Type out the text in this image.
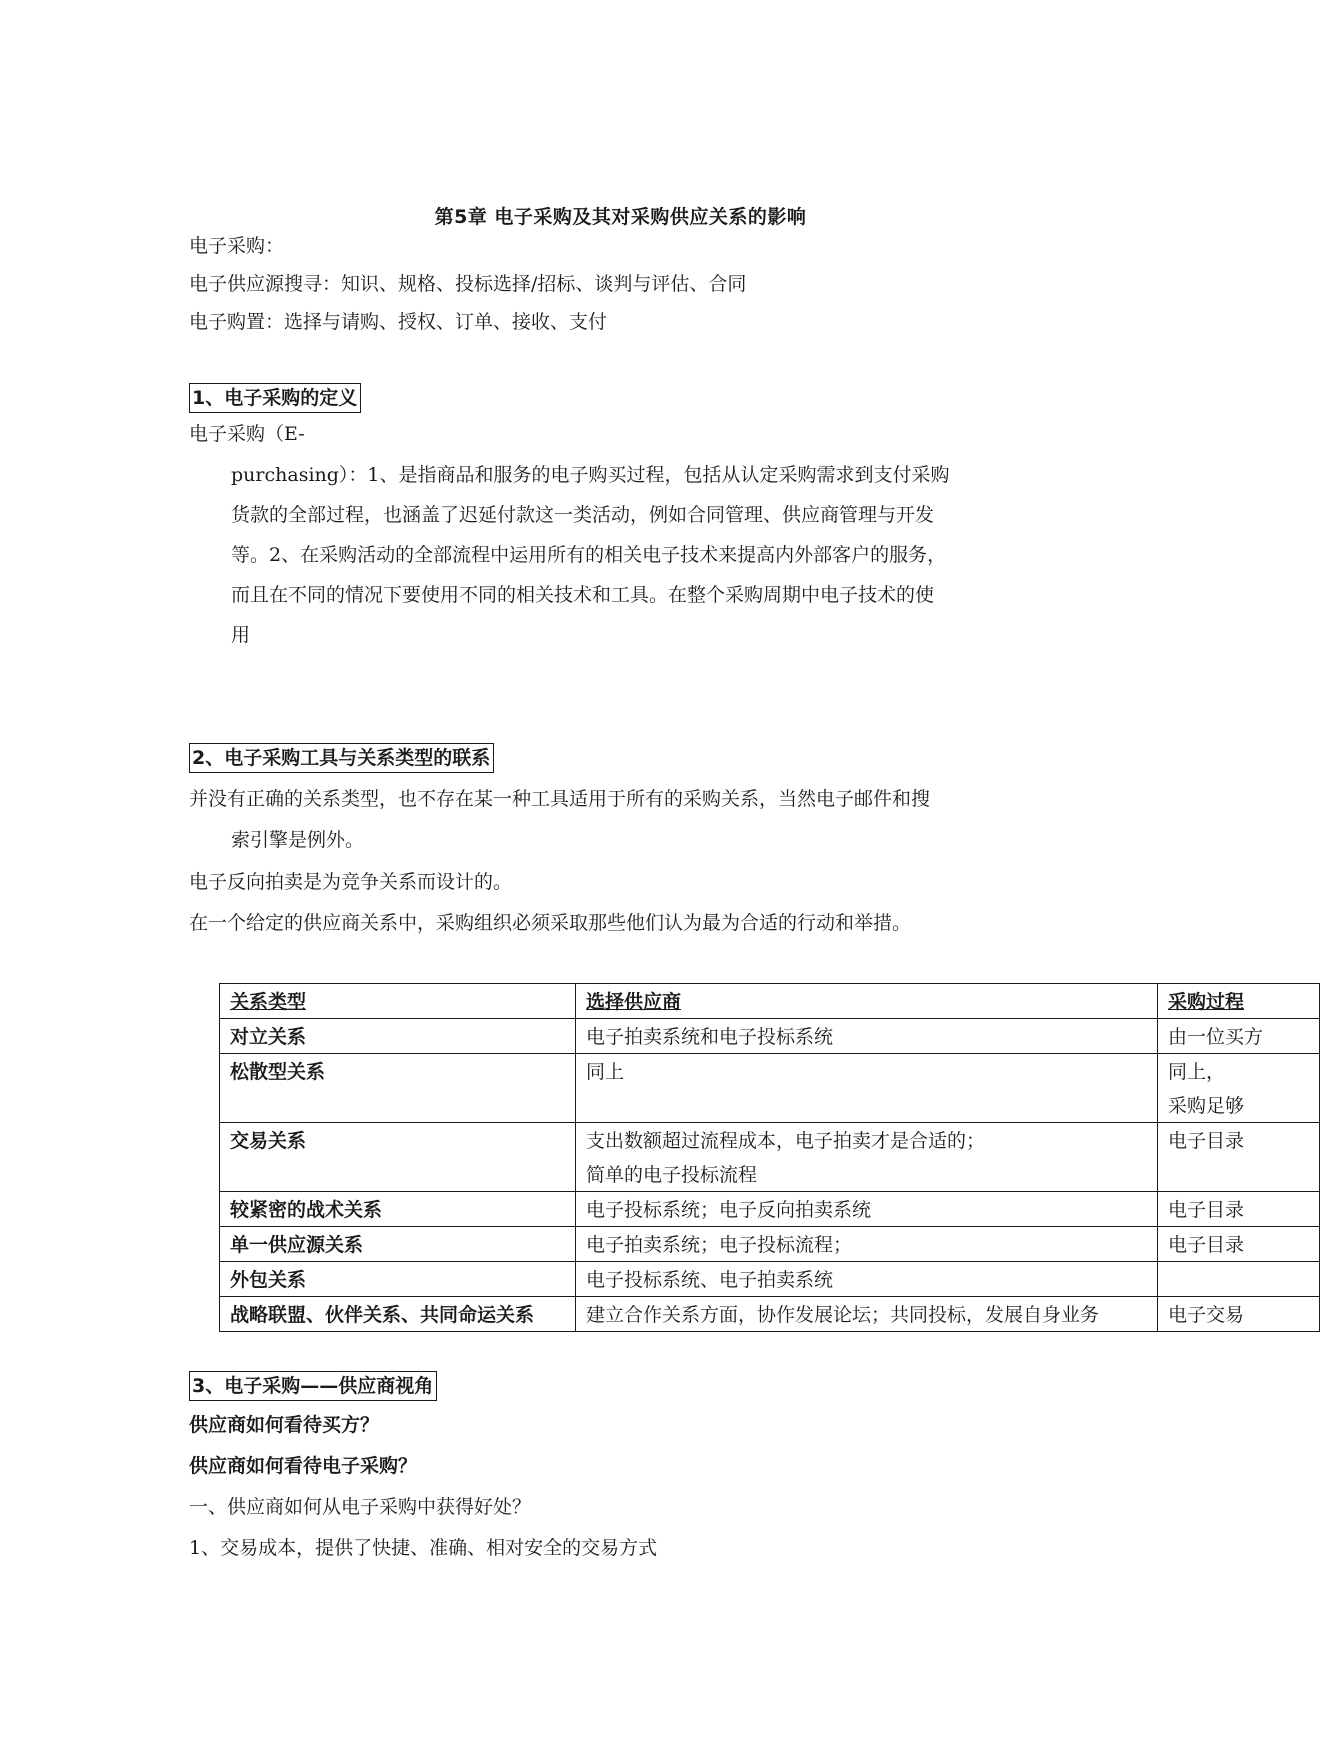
第5章 电子采购及其对采购供应关系的影响
电子采购：
电子供应源搜寻：知识、规格、投标选择/招标、谈判与评估、合同
电子购置：选择与请购、授权、订单、接收、支付
1、电子采购的定义
电子采购（E-
purchasing）：1、是指商品和服务的电子购买过程，包括从认定采购需求到支付采购
货款的全部过程，也涵盖了迟延付款这一类活动，例如合同管理、供应商管理与开发
等。2、在采购活动的全部流程中运用所有的相关电子技术来提高内外部客户的服务，
而且在不同的情况下要使用不同的相关技术和工具。在整个采购周期中电子技术的使
用
2、电子采购工具与关系类型的联系
并没有正确的关系类型，也不存在某一种工具适用于所有的采购关系，当然电子邮件和搜
索引擎是例外。
电子反向拍卖是为竞争关系而设计的。
在一个给定的供应商关系中，采购组织必须采取那些他们认为最为合适的行动和举措。
关系类型	选择供应商	采购过程
对立关系	电子拍卖系统和电子投标系统	由一位买方
松散型关系	同上	同上，
		采购足够
交易关系	支出数额超过流程成本，电子拍卖才是合适的；	电子目录
	简单的电子投标流程	
较紧密的战术关系	电子投标系统；电子反向拍卖系统	电子目录
单一供应源关系	电子拍卖系统；电子投标流程；	电子目录
外包关系	电子投标系统、电子拍卖系统	
战略联盟、伙伴关系、共同命运关系	建立合作关系方面，协作发展论坛；共同投标，发展自身业务	电子交易
3、电子采购——供应商视角
供应商如何看待买方？
供应商如何看待电子采购？
一、供应商如何从电子采购中获得好处？
1、交易成本，提供了快捷、准确、相对安全的交易方式
